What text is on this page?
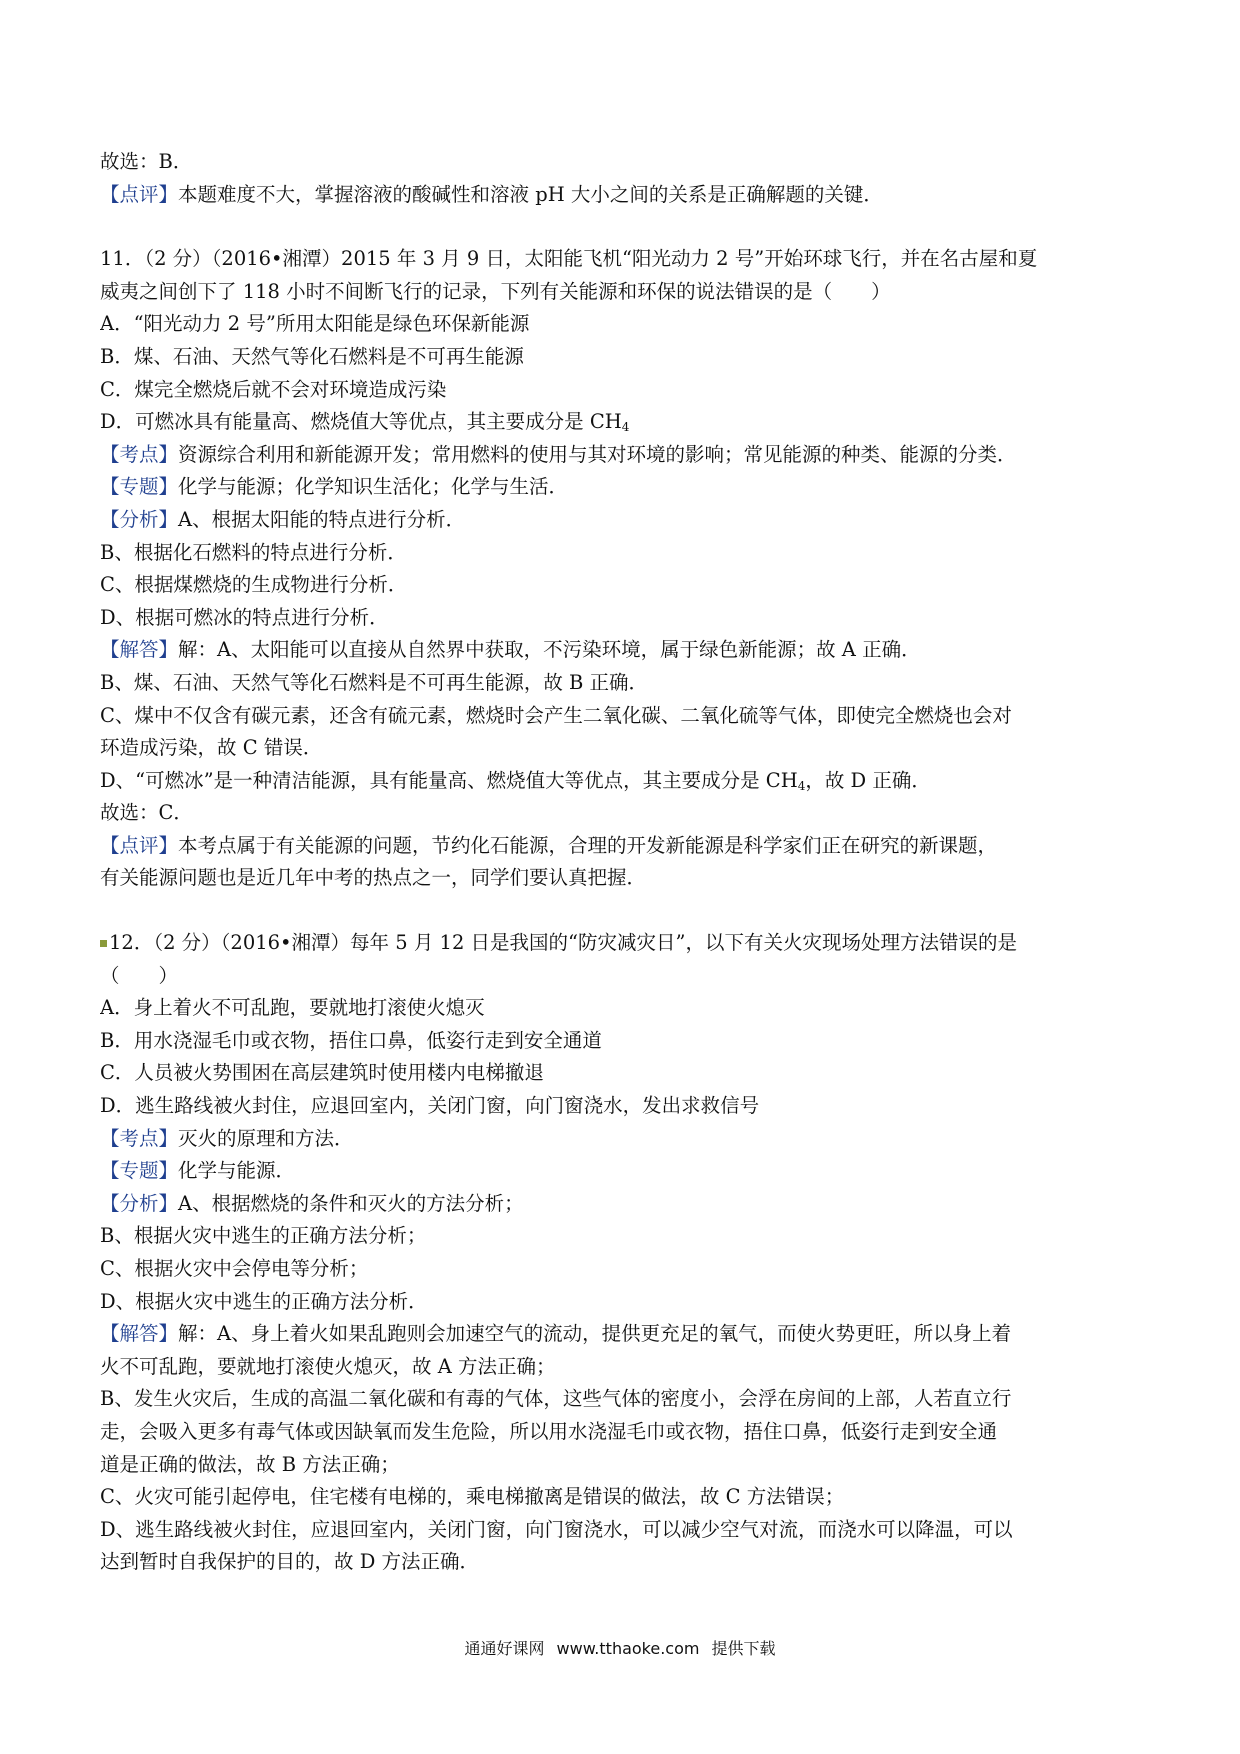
故选：B．
【点评】本题难度不大，掌握溶液的酸碱性和溶液 pH 大小之间的关系是正确解题的关键．
11．（2 分）（2016•湘潭）2015 年 3 月 9 日，太阳能飞机“阳光动力 2 号”开始环球飞行，并在名古屋和夏
威夷之间创下了 118 小时不间断飞行的记录，下列有关能源和环保的说法错误的是（　　）
A．“阳光动力 2 号”所用太阳能是绿色环保新能源
B．煤、石油、天然气等化石燃料是不可再生能源
C．煤完全燃烧后就不会对环境造成污染
D．可燃冰具有能量高、燃烧值大等优点，其主要成分是 $CH_4$
【考点】资源综合利用和新能源开发；常用燃料的使用与其对环境的影响；常见能源的种类、能源的分类．
【专题】化学与能源；化学知识生活化；化学与生活．
【分析】A、根据太阳能的特点进行分析．
B、根据化石燃料的特点进行分析．
C、根据煤燃烧的生成物进行分析．
D、根据可燃冰的特点进行分析．
【解答】解：A、太阳能可以直接从自然界中获取，不污染环境，属于绿色新能源；故 A 正确．
B、煤、石油、天然气等化石燃料是不可再生能源，故 B 正确．
C、煤中不仅含有碳元素，还含有硫元素，燃烧时会产生二氧化碳、二氧化硫等气体，即使完全燃烧也会对
环造成污染，故 C 错误．
D、“可燃冰”是一种清洁能源，具有能量高、燃烧值大等优点，其主要成分是 $CH_4$，故 D 正确．
故选：C．
【点评】本考点属于有关能源的问题，节约化石能源，合理的开发新能源是科学家们正在研究的新课题，
有关能源问题也是近几年中考的热点之一，同学们要认真把握．
12．（2 分）（2016•湘潭）每年 5 月 12 日是我国的“防灾减灾日”，以下有关火灾现场处理方法错误的是
（　　）
A．身上着火不可乱跑，要就地打滚使火熄灭
B．用水浇湿毛巾或衣物，捂住口鼻，低姿行走到安全通道
C．人员被火势围困在高层建筑时使用楼内电梯撤退
D．逃生路线被火封住，应退回室内，关闭门窗，向门窗浇水，发出求救信号
【考点】灭火的原理和方法．
【专题】化学与能源．
【分析】A、根据燃烧的条件和灭火的方法分析；
B、根据火灾中逃生的正确方法分析；
C、根据火灾中会停电等分析；
D、根据火灾中逃生的正确方法分析．
【解答】解：A、身上着火如果乱跑则会加速空气的流动，提供更充足的氧气，而使火势更旺，所以身上着
火不可乱跑，要就地打滚使火熄灭，故 A 方法正确；
B、发生火灾后，生成的高温二氧化碳和有毒的气体，这些气体的密度小，会浮在房间的上部，人若直立行
走，会吸入更多有毒气体或因缺氧而发生危险，所以用水浇湿毛巾或衣物，捂住口鼻，低姿行走到安全通
道是正确的做法，故 B 方法正确；
C、火灾可能引起停电，住宅楼有电梯的，乘电梯撤离是错误的做法，故 C 方法错误；
D、逃生路线被火封住，应退回室内，关闭门窗，向门窗浇水，可以减少空气对流，而浇水可以降温，可以
达到暂时自我保护的目的，故 D 方法正确．
通通好课网 www.tthaoke.com 提供下载
